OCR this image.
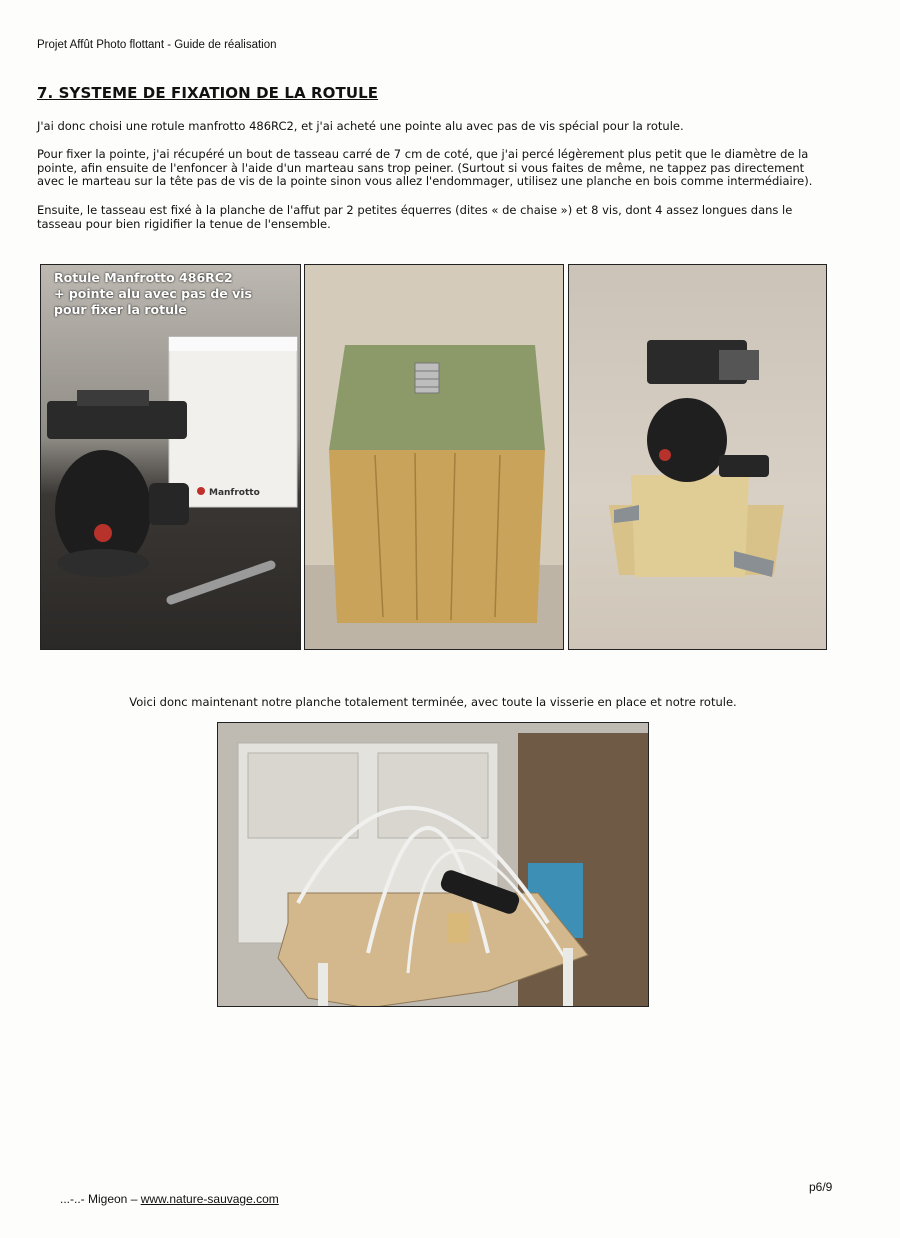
Projet Affût Photo flottant - Guide de réalisation
7. SYSTEME DE FIXATION DE LA ROTULE

J'ai donc choisi une rotule manfrotto 486RC2, et j'ai acheté une pointe alu avec pas de vis spécial pour la rotule.

Pour fixer la pointe, j'ai récupéré un bout de tasseau carré de 7 cm de coté, que j'ai percé légèrement plus petit que le diamètre de la pointe, afin ensuite de l'enfoncer à l'aide d'un marteau sans trop peiner. (Surtout si vous faites de même, ne tappez pas directement avec le marteau sur la tête pas de vis de la pointe sinon vous allez l'endommager, utilisez une planche en bois comme intermédiaire).

Ensuite, le tasseau est fixé à la planche de l'affut par 2 petites équerres (dites « de chaise ») et 8 vis, dont 4 assez longues dans le tasseau pour bien rigidifier la tenue de l'ensemble.

Manfrotto

Rotule Manfrotto 486RC2
+ pointe alu avec pas de vis
pour fixer la rotule

Voici donc maintenant notre planche totalement terminée, avec toute la visserie en place et notre rotule.

...-..- Migeon – www.nature-sauvage.com
p6/9
